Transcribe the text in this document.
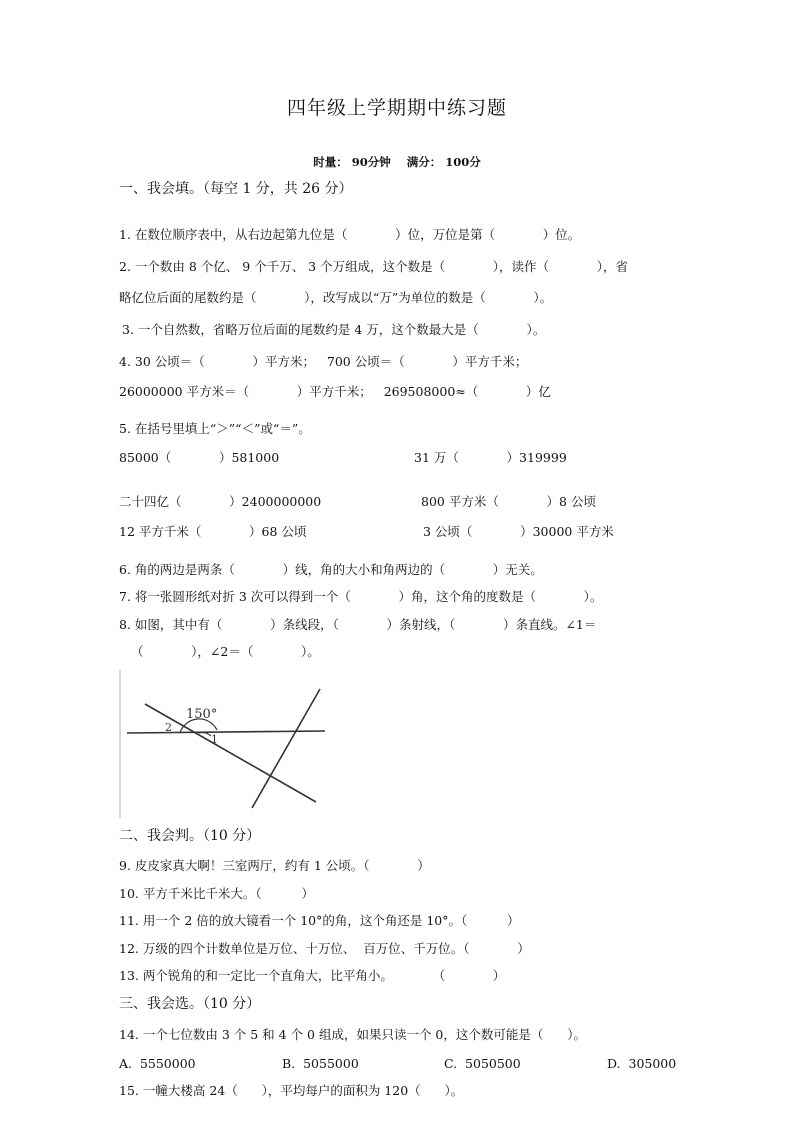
四年级上学期期中练习题
时量： 90分钟    满分： 100分
一、我会填。（每空 1 分，共 26 分）
1. 在数位顺序表中，从右边起第九位是（            ）位，万位是第（            ）位。
2. 一个数由 8 个亿、 9 个千万、 3 个万组成，这个数是（            ），读作（            ），省
略亿位后面的尾数约是（            ），改写成以“万”为单位的数是（            ）。
3. 一个自然数，省略万位后面的尾数约是 4 万，这个数最大是（            ）。
4. 30 公顷＝（            ）平方米；   700 公顷＝（            ）平方千米；
26000000 平方米＝（            ）平方千米；   269508000≈（            ）亿
5. 在括号里填上“＞”“＜”或“＝”。
85000（            ）581000	31 万（            ）319999
二十四亿（            ）2400000000	800 平方米（            ）8 公顷
12 平方千米（            ）68 公顷	3 公顷（            ）30000 平方米
6. 角的两边是两条（            ）线，角的大小和角两边的（            ）无关。
7. 将一张圆形纸对折 3 次可以得到一个（            ）角，这个角的度数是（            ）。
8. 如图，其中有（            ）条线段，（            ）条射线，（            ）条直线。∠1＝
（            ），∠2＝（            ）。
150°
1
2
二、我会判。（10 分）
9. 皮皮家真大啊！三室两厅，约有 1 公顷。（            ）
10. 平方千米比千米大。（          ）
11. 用一个 2 倍的放大镜看一个 10°的角，这个角还是 10°。（          ）
12. 万级的四个计数单位是万位、十万位、  百万位、千万位。（            ）
13. 两个锐角的和一定比一个直角大，比平角小。          （            ）
三、我会选。（10 分）
14. 一个七位数由 3 个 5 和 4 个 0 组成，如果只读一个 0，这个数可能是（      ）。
A.  5550000	B.  5055000	C.  5050500	D.  305000
15. 一幢大楼高 24（      ），平均每户的面积为 120（      ）。
